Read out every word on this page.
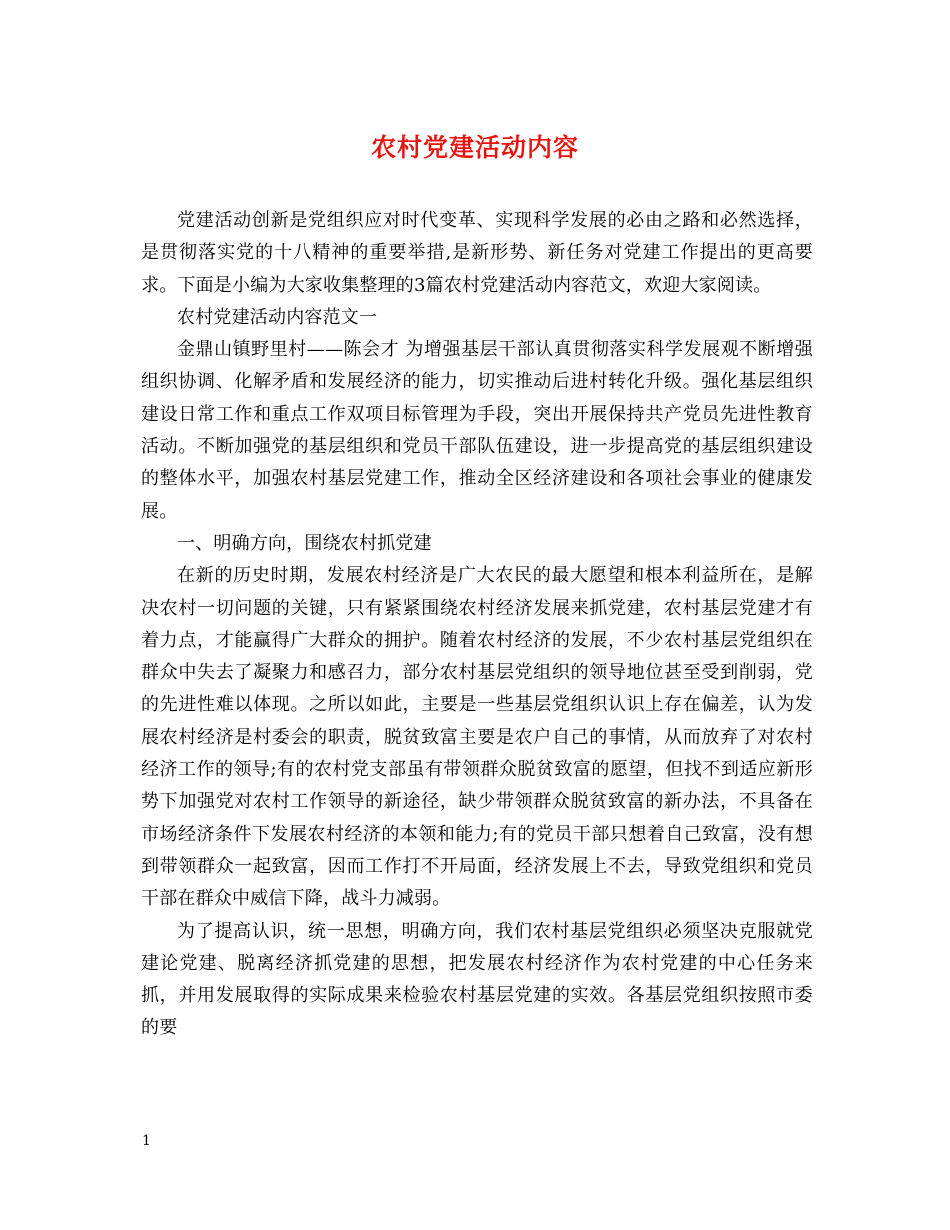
农村党建活动内容

党建活动创新是党组织应对时代变革、实现科学发展的必由之路和必然选择，是贯彻落实党的十八精神的重要举措,是新形势、新任务对党建工作提出的更高要求。下面是小编为大家收集整理的3篇农村党建活动内容范文，欢迎大家阅读。

农村党建活动内容范文一

金鼎山镇野里村——陈会才 为增强基层干部认真贯彻落实科学发展观不断增强组织协调、化解矛盾和发展经济的能力，切实推动后进村转化升级。强化基层组织建设日常工作和重点工作双项目标管理为手段，突出开展保持共产党员先进性教育活动。不断加强党的基层组织和党员干部队伍建设，进一步提高党的基层组织建设的整体水平，加强农村基层党建工作，推动全区经济建设和各项社会事业的健康发展。

一、明确方向，围绕农村抓党建

在新的历史时期，发展农村经济是广大农民的最大愿望和根本利益所在，是解决农村一切问题的关键，只有紧紧围绕农村经济发展来抓党建，农村基层党建才有着力点，才能赢得广大群众的拥护。随着农村经济的发展，不少农村基层党组织在群众中失去了凝聚力和感召力，部分农村基层党组织的领导地位甚至受到削弱，党的先进性难以体现。之所以如此，主要是一些基层党组织认识上存在偏差，认为发展农村经济是村委会的职责，脱贫致富主要是农户自己的事情，从而放弃了对农村经济工作的领导;有的农村党支部虽有带领群众脱贫致富的愿望，但找不到适应新形势下加强党对农村工作领导的新途径，缺少带领群众脱贫致富的新办法，不具备在市场经济条件下发展农村经济的本领和能力;有的党员干部只想着自己致富，没有想到带领群众一起致富，因而工作打不开局面，经济发展上不去，导致党组织和党员干部在群众中威信下降，战斗力减弱。

为了提高认识，统一思想，明确方向，我们农村基层党组织必须坚决克服就党建论党建、脱离经济抓党建的思想，把发展农村经济作为农村党建的中心任务来抓，并用发展取得的实际成果来检验农村基层党建的实效。各基层党组织按照市委的要

1
